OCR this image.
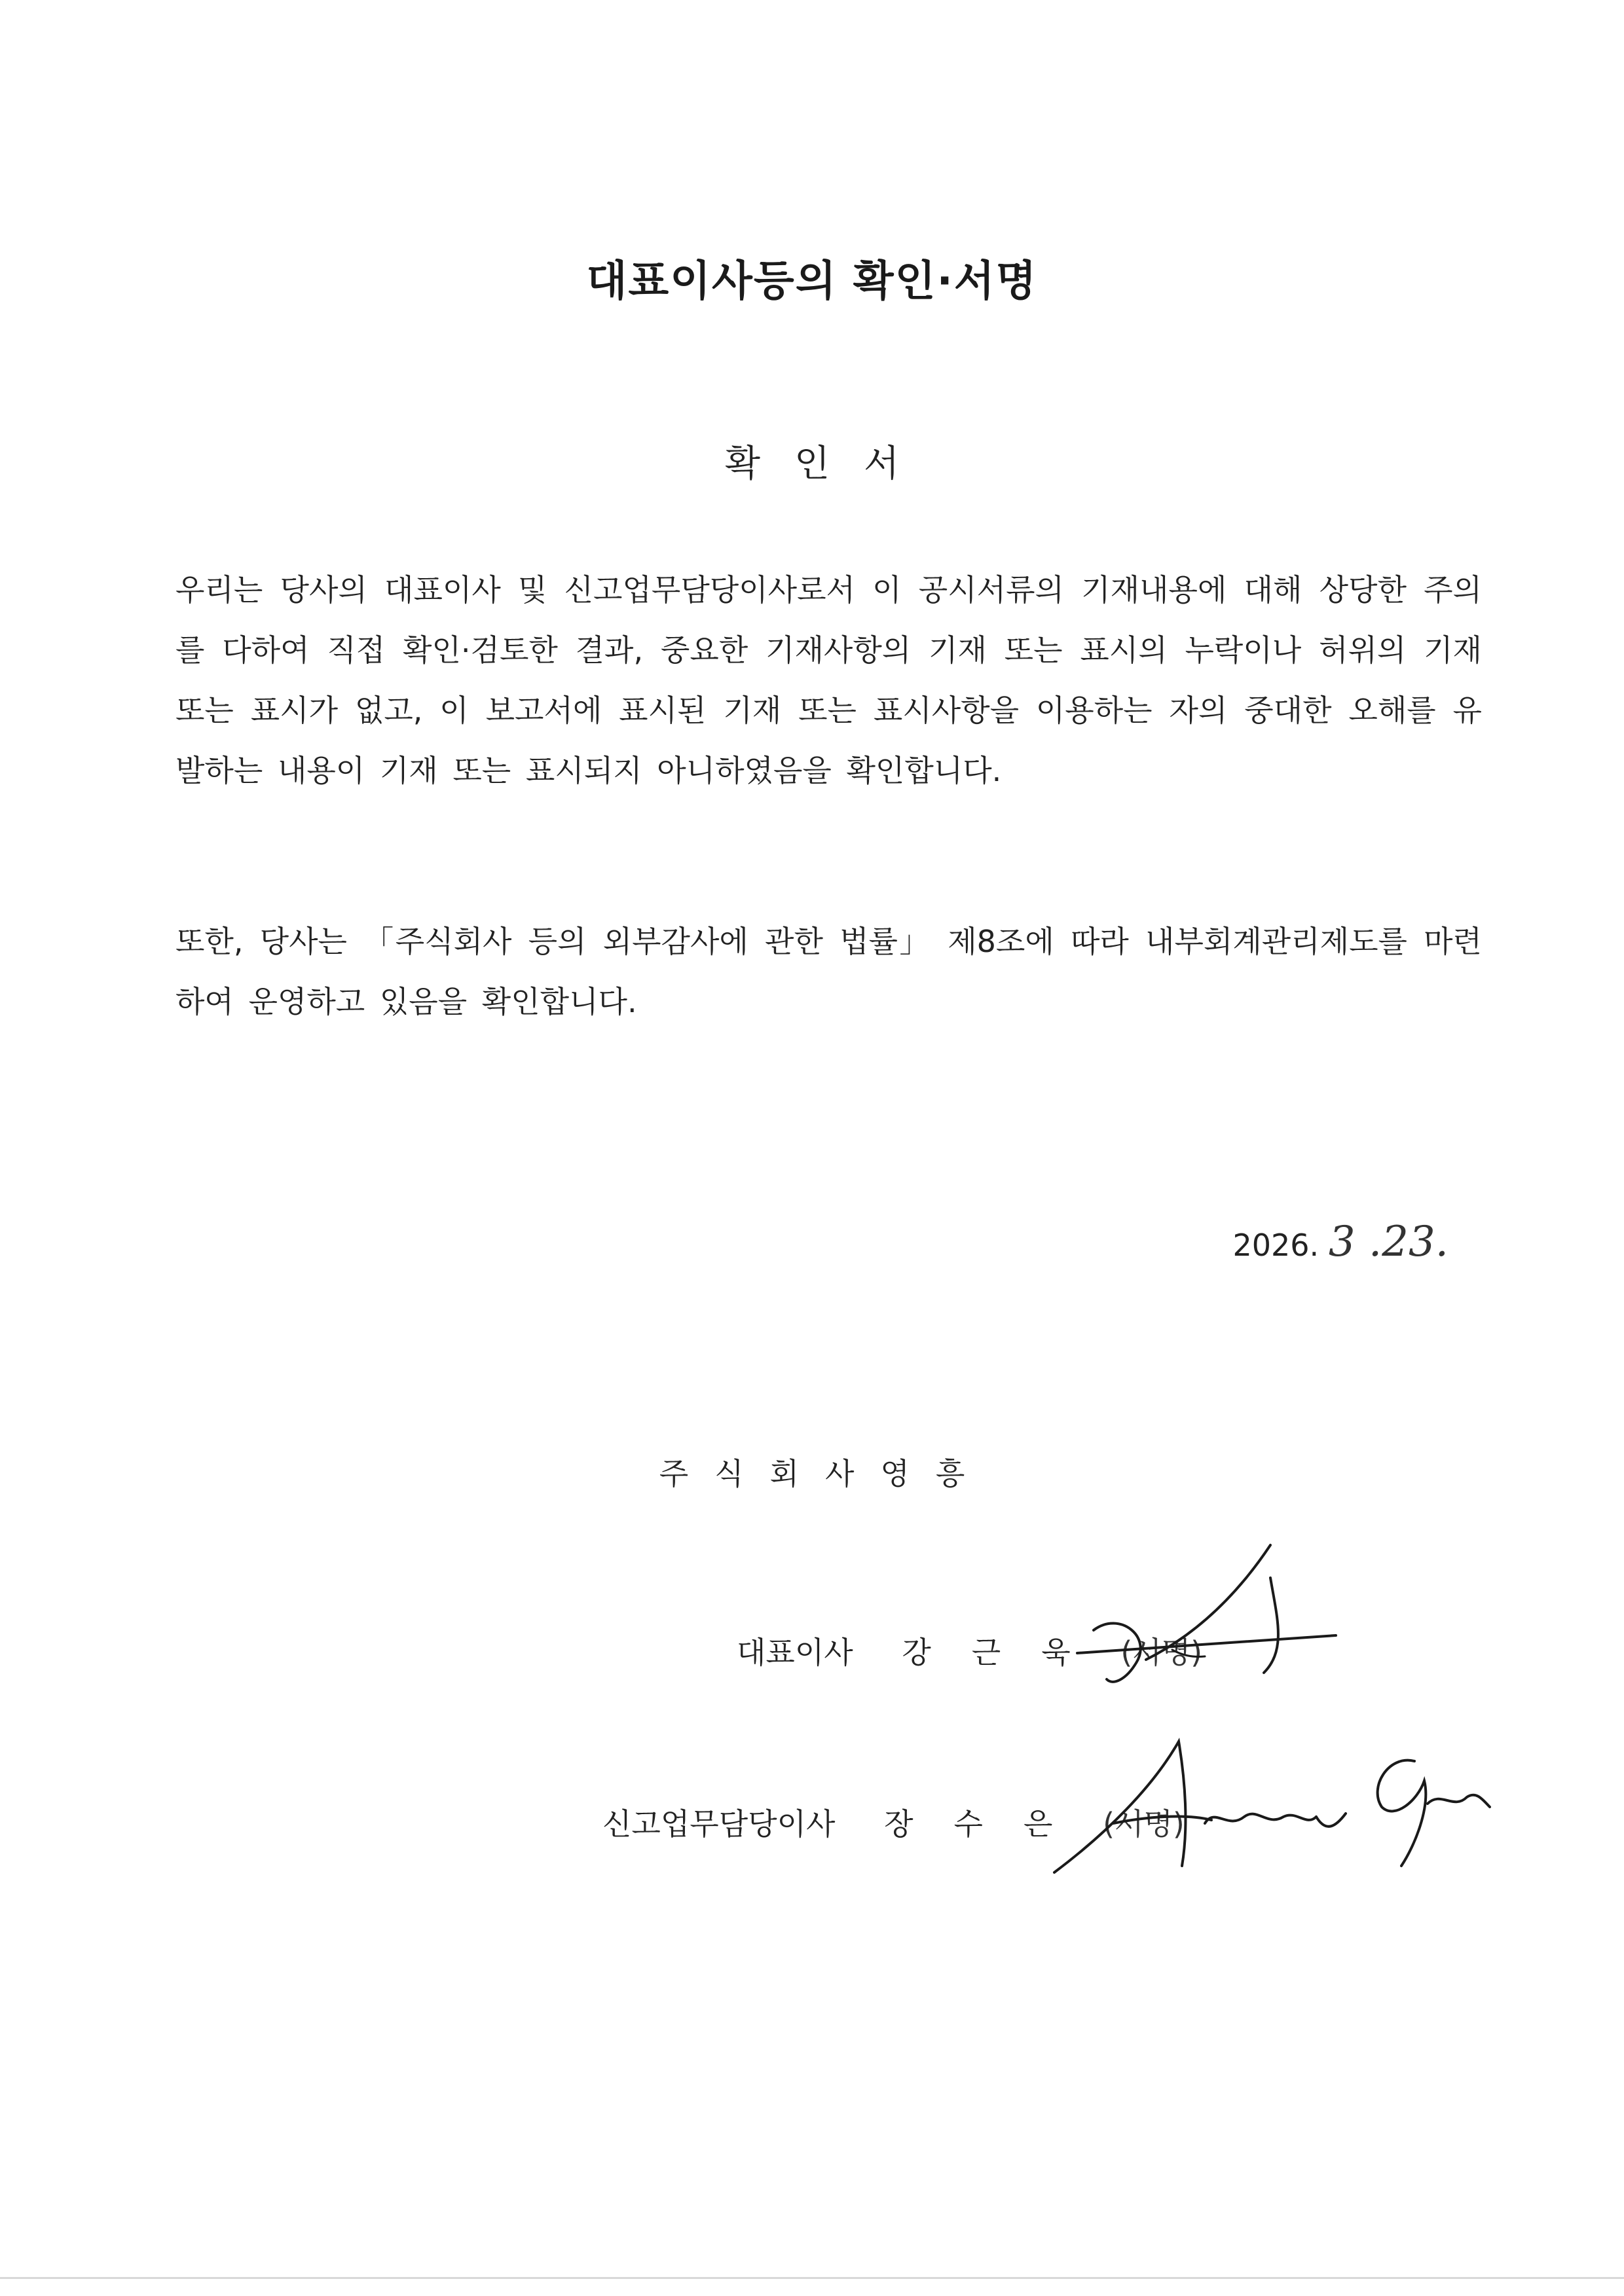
대표이사등의 확인·서명
확인서

우리는 당사의 대표이사 및 신고업무담당이사로서 이 공시서류의 기재내용에 대해 상당한 주의를 다하여 직접 확인·검토한 결과, 중요한 기재사항의 기재 또는 표시의 누락이나 허위의 기재 또는 표시가 없고, 이 보고서에 표시된 기재 또는 표시사항을 이용하는 자의 중대한 오해를 유발하는 내용이 기재 또는 표시되지 아니하였음을 확인합니다.

또한, 당사는 「주식회사 등의 외부감사에 관한 법률」 제8조에 따라 내부회계관리제도를 마련하여 운영하고 있음을 확인합니다.

2026. 3 .23.
주식회사영흥
대표이사 강근욱 (서명)
신고업무담당이사 장수은 (서명)
